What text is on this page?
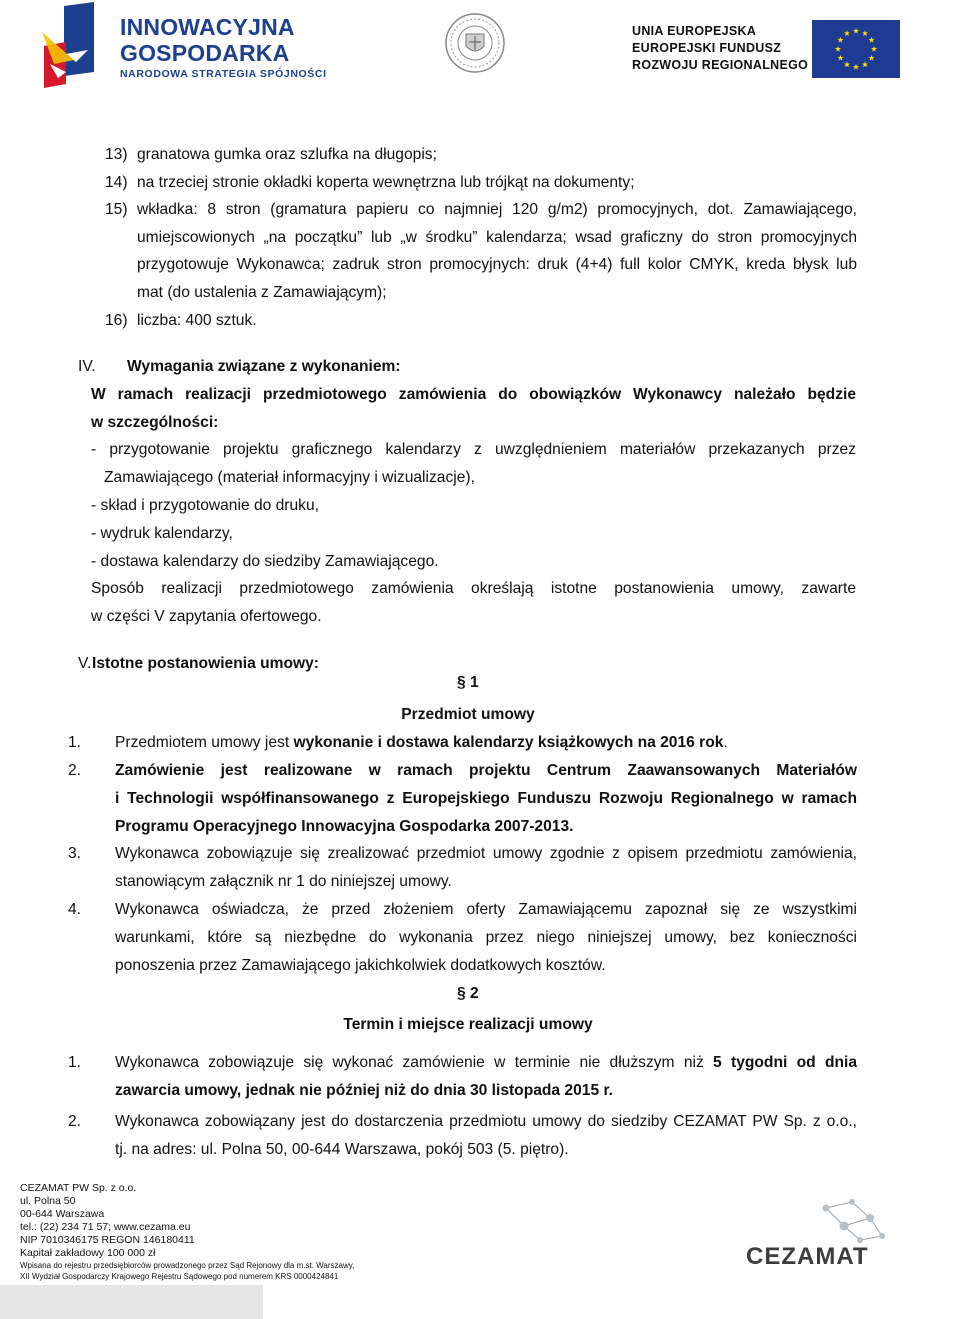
INNOWACYJNA
GOSPODARKA
NARODOWA STRATEGIA SPÓJNOŚCI
UNIA EUROPEJSKA
EUROPEJSKI FUNDUSZ
ROZWOJU REGIONALNEGO
13) granatowa gumka oraz szlufka na długopis;
14) na trzeciej stronie okładki koperta wewnętrzna lub trójkąt na dokumenty;
15) wkładka: 8 stron (gramatura papieru co najmniej 120 g/m2) promocyjnych, dot. Zamawiającego,
umiejscowionych „na początku” lub „w środku” kalendarza; wsad graficzny do stron promocyjnych
przygotowuje Wykonawca; zadruk stron promocyjnych: druk (4+4) full kolor CMYK, kreda błysk lub
mat (do ustalenia z Zamawiającym);
16) liczba: 400 sztuk.
IV. Wymagania związane z wykonaniem:
W ramach realizacji przedmiotowego zamówienia do obowiązków Wykonawcy należało będzie
w szczególności:
- przygotowanie projektu graficznego kalendarzy z uwzględnieniem materiałów przekazanych przez
Zamawiającego (materiał informacyjny i wizualizacje),
- skład i przygotowanie do druku,
- wydruk kalendarzy,
- dostawa kalendarzy do siedziby Zamawiającego.
Sposób realizacji przedmiotowego zamówienia określają istotne postanowienia umowy, zawarte
w części V zapytania ofertowego.
V. Istotne postanowienia umowy:
§ 1
Przedmiot umowy
1. Przedmiotem umowy jest wykonanie i dostawa kalendarzy książkowych na 2016 rok.
2. Zamówienie jest realizowane w ramach projektu Centrum Zaawansowanych Materiałów
i Technologii współfinansowanego z Europejskiego Funduszu Rozwoju Regionalnego w ramach
Programu Operacyjnego Innowacyjna Gospodarka 2007-2013.
3. Wykonawca zobowiązuje się zrealizować przedmiot umowy zgodnie z opisem przedmiotu zamówienia,
stanowiącym załącznik nr 1 do niniejszej umowy.
4. Wykonawca oświadcza, że przed złożeniem oferty Zamawiającemu zapoznał się ze wszystkimi
warunkami, które są niezbędne do wykonania przez niego niniejszej umowy, bez konieczności
ponoszenia przez Zamawiającego jakichkolwiek dodatkowych kosztów.
§ 2
Termin i miejsce realizacji umowy
1. Wykonawca zobowiązuje się wykonać zamówienie w terminie nie dłuższym niż 5 tygodni od dnia
zawarcia umowy, jednak nie później niż do dnia 30 listopada 2015 r.
2. Wykonawca zobowiązany jest do dostarczenia przedmiotu umowy do siedziby CEZAMAT PW Sp. z o.o.,
tj. na adres: ul. Polna 50, 00-644 Warszawa, pokój 503 (5. piętro).
CEZAMAT PW Sp. z o.o.
ul. Polna 50
00-644 Warszawa
tel.: (22) 234 71 57; www.cezama.eu
NIP 7010346175 REGON 146180411
Kapitał zakładowy 100 000 zł
Wpisana do rejestru przedsiębiorców prowadzonego przez Sąd Rejonowy dla m.st. Warszawy,
XII Wydział Gospodarczy Krajowego Rejestru Sądowego pod numerem KRS 0000424841
CEZAMAT
